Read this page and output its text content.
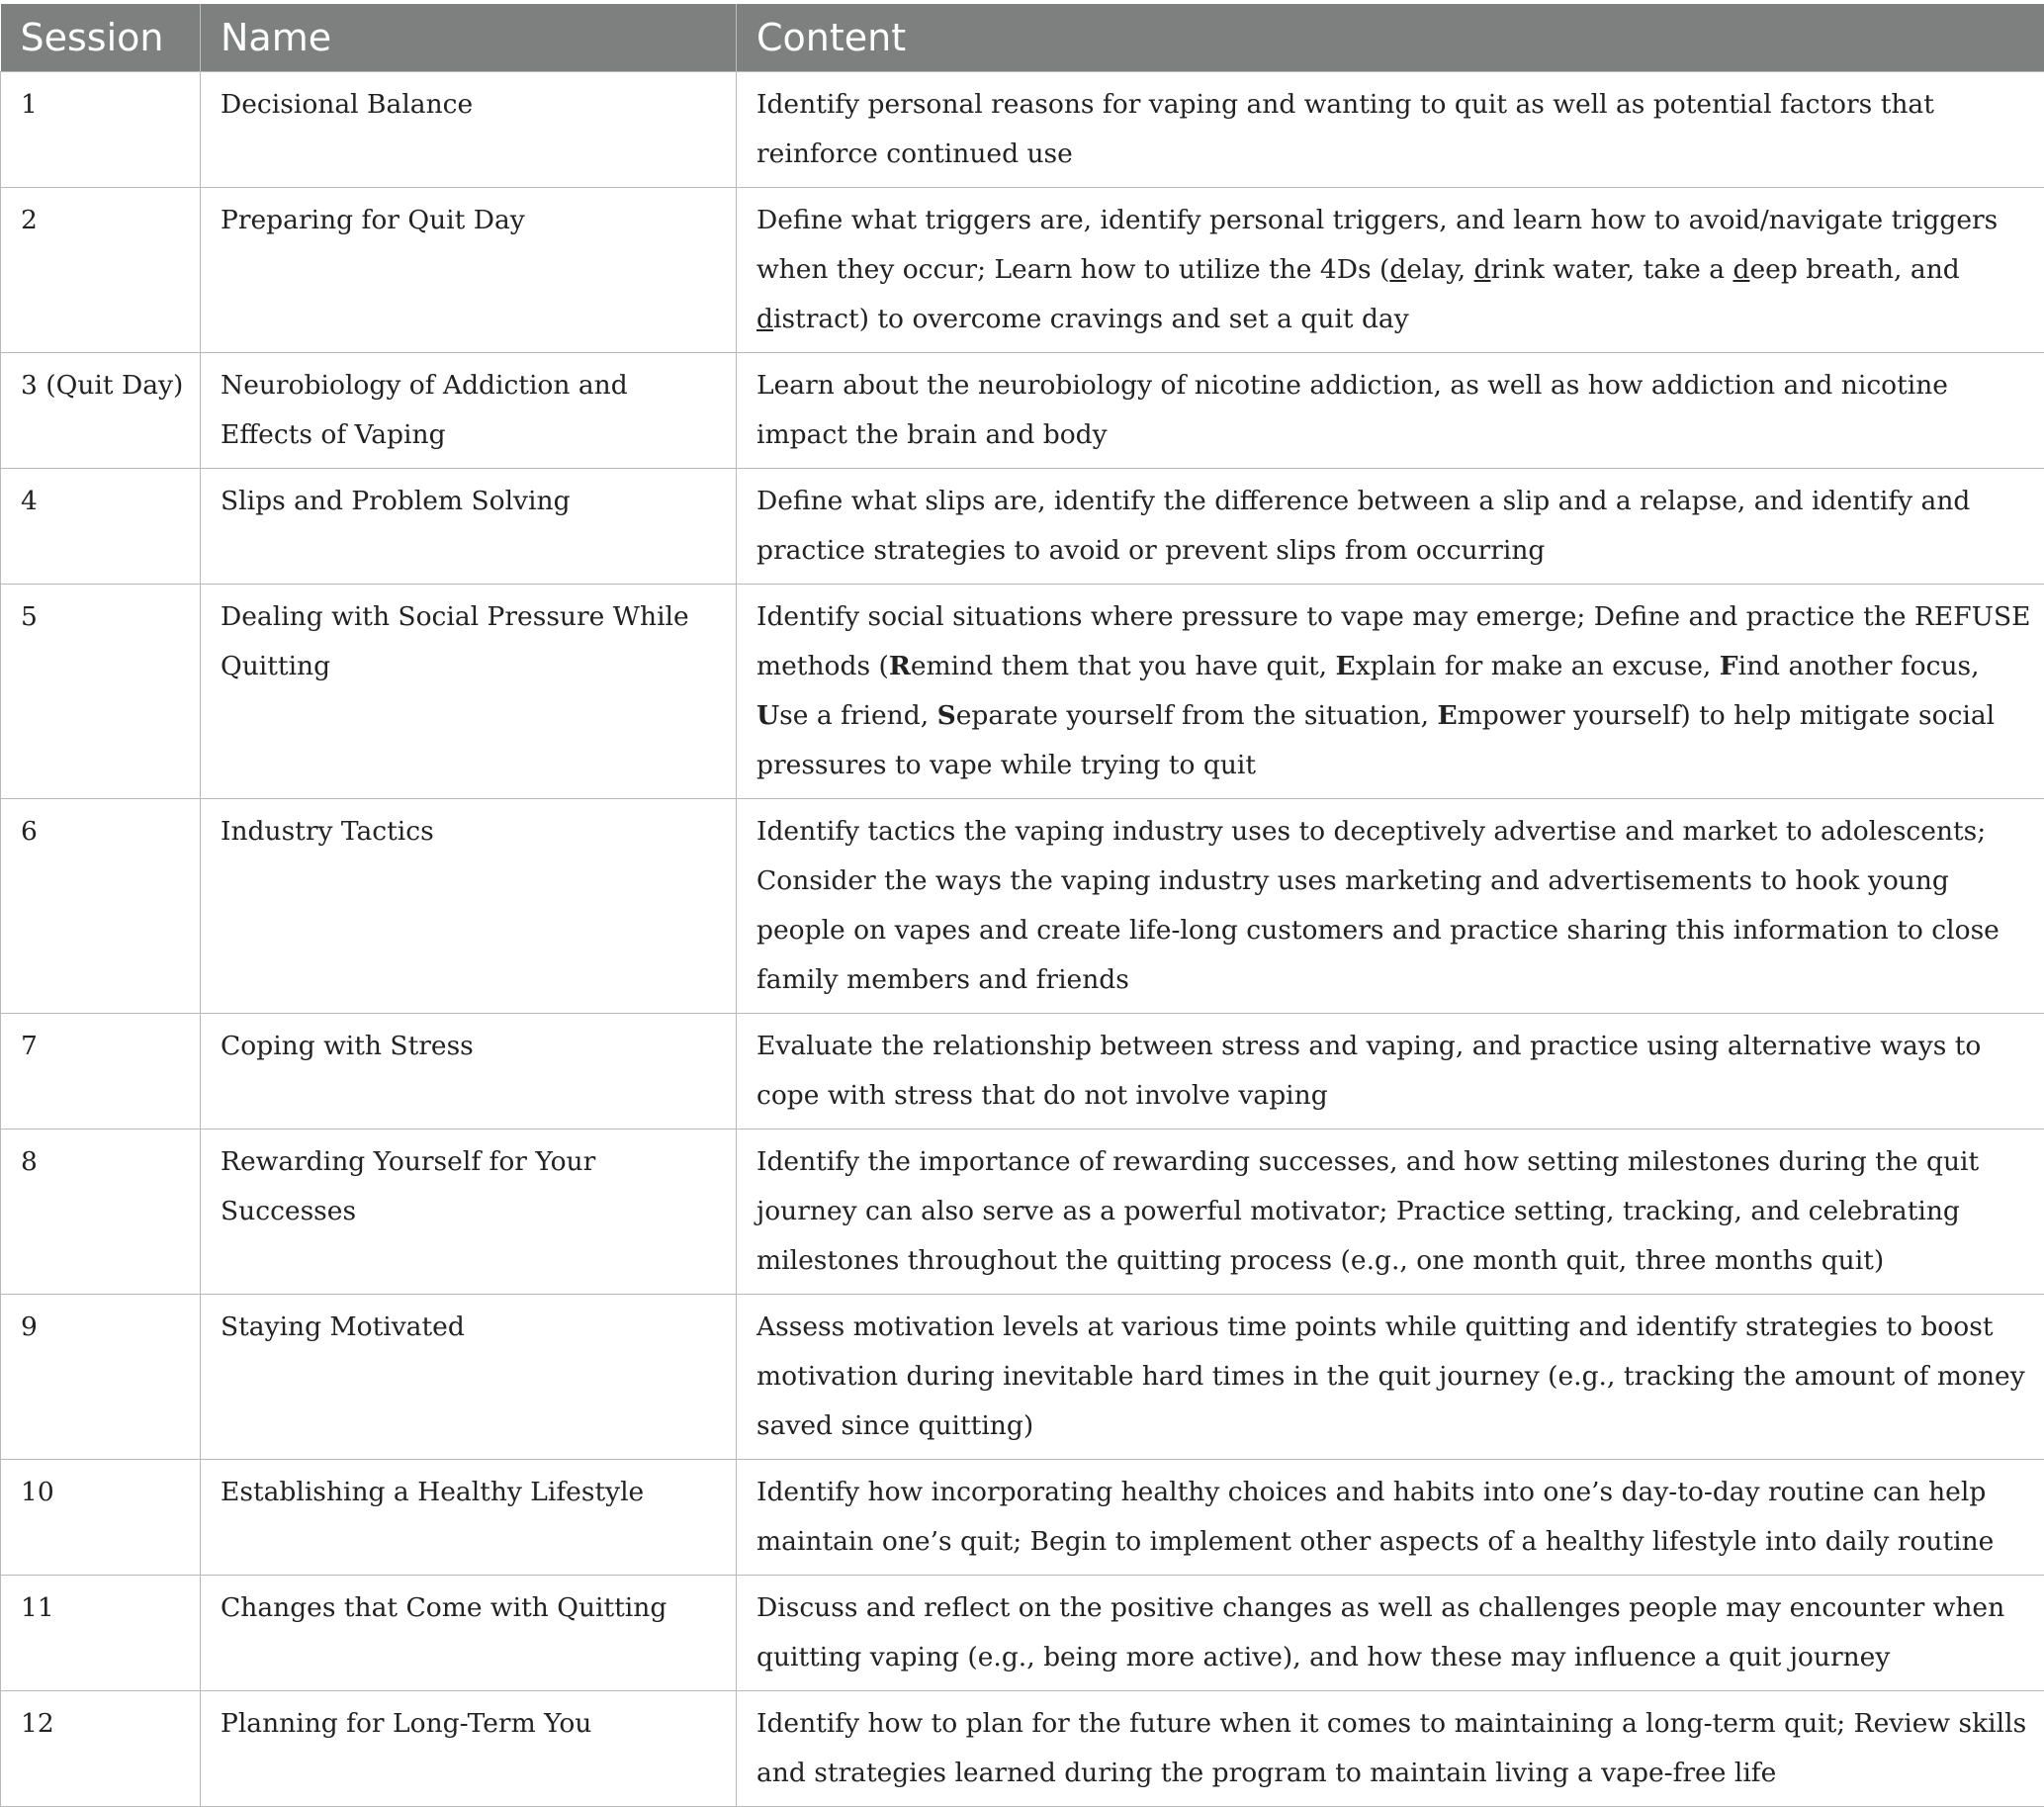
Session	Name	Content
1	Decisional Balance	Identify personal reasons for vaping and wanting to quit as well as potential factors that reinforce continued use
2	Preparing for Quit Day	Define what triggers are, identify personal triggers, and learn how to avoid/navigate triggers when they occur; Learn how to utilize the 4Ds (delay, drink water, take a deep breath, and distract) to overcome cravings and set a quit day
3 (Quit Day)	Neurobiology of Addiction and Effects of Vaping	Learn about the neurobiology of nicotine addiction, as well as how addiction and nicotine impact the brain and body
4	Slips and Problem Solving	Define what slips are, identify the difference between a slip and a relapse, and identify and practice strategies to avoid or prevent slips from occurring
5	Dealing with Social Pressure While Quitting	Identify social situations where pressure to vape may emerge; Define and practice the REFUSE methods (Remind them that you have quit, Explain for make an excuse, Find another focus, Use a friend, Separate yourself from the situation, Empower yourself) to help mitigate social pressures to vape while trying to quit
6	Industry Tactics	Identify tactics the vaping industry uses to deceptively advertise and market to adolescents; Consider the ways the vaping industry uses marketing and advertisements to hook young people on vapes and create life-long customers and practice sharing this information to close family members and friends
7	Coping with Stress	Evaluate the relationship between stress and vaping, and practice using alternative ways to cope with stress that do not involve vaping
8	Rewarding Yourself for Your Successes	Identify the importance of rewarding successes, and how setting milestones during the quit journey can also serve as a powerful motivator; Practice setting, tracking, and celebrating milestones throughout the quitting process (e.g., one month quit, three months quit)
9	Staying Motivated	Assess motivation levels at various time points while quitting and identify strategies to boost motivation during inevitable hard times in the quit journey (e.g., tracking the amount of money saved since quitting)
10	Establishing a Healthy Lifestyle	Identify how incorporating healthy choices and habits into one’s day-to-day routine can help maintain one’s quit; Begin to implement other aspects of a healthy lifestyle into daily routine
11	Changes that Come with Quitting	Discuss and reflect on the positive changes as well as challenges people may encounter when quitting vaping (e.g., being more active), and how these may influence a quit journey
12	Planning for Long-Term You	Identify how to plan for the future when it comes to maintaining a long-term quit; Review skills and strategies learned during the program to maintain living a vape-free life
